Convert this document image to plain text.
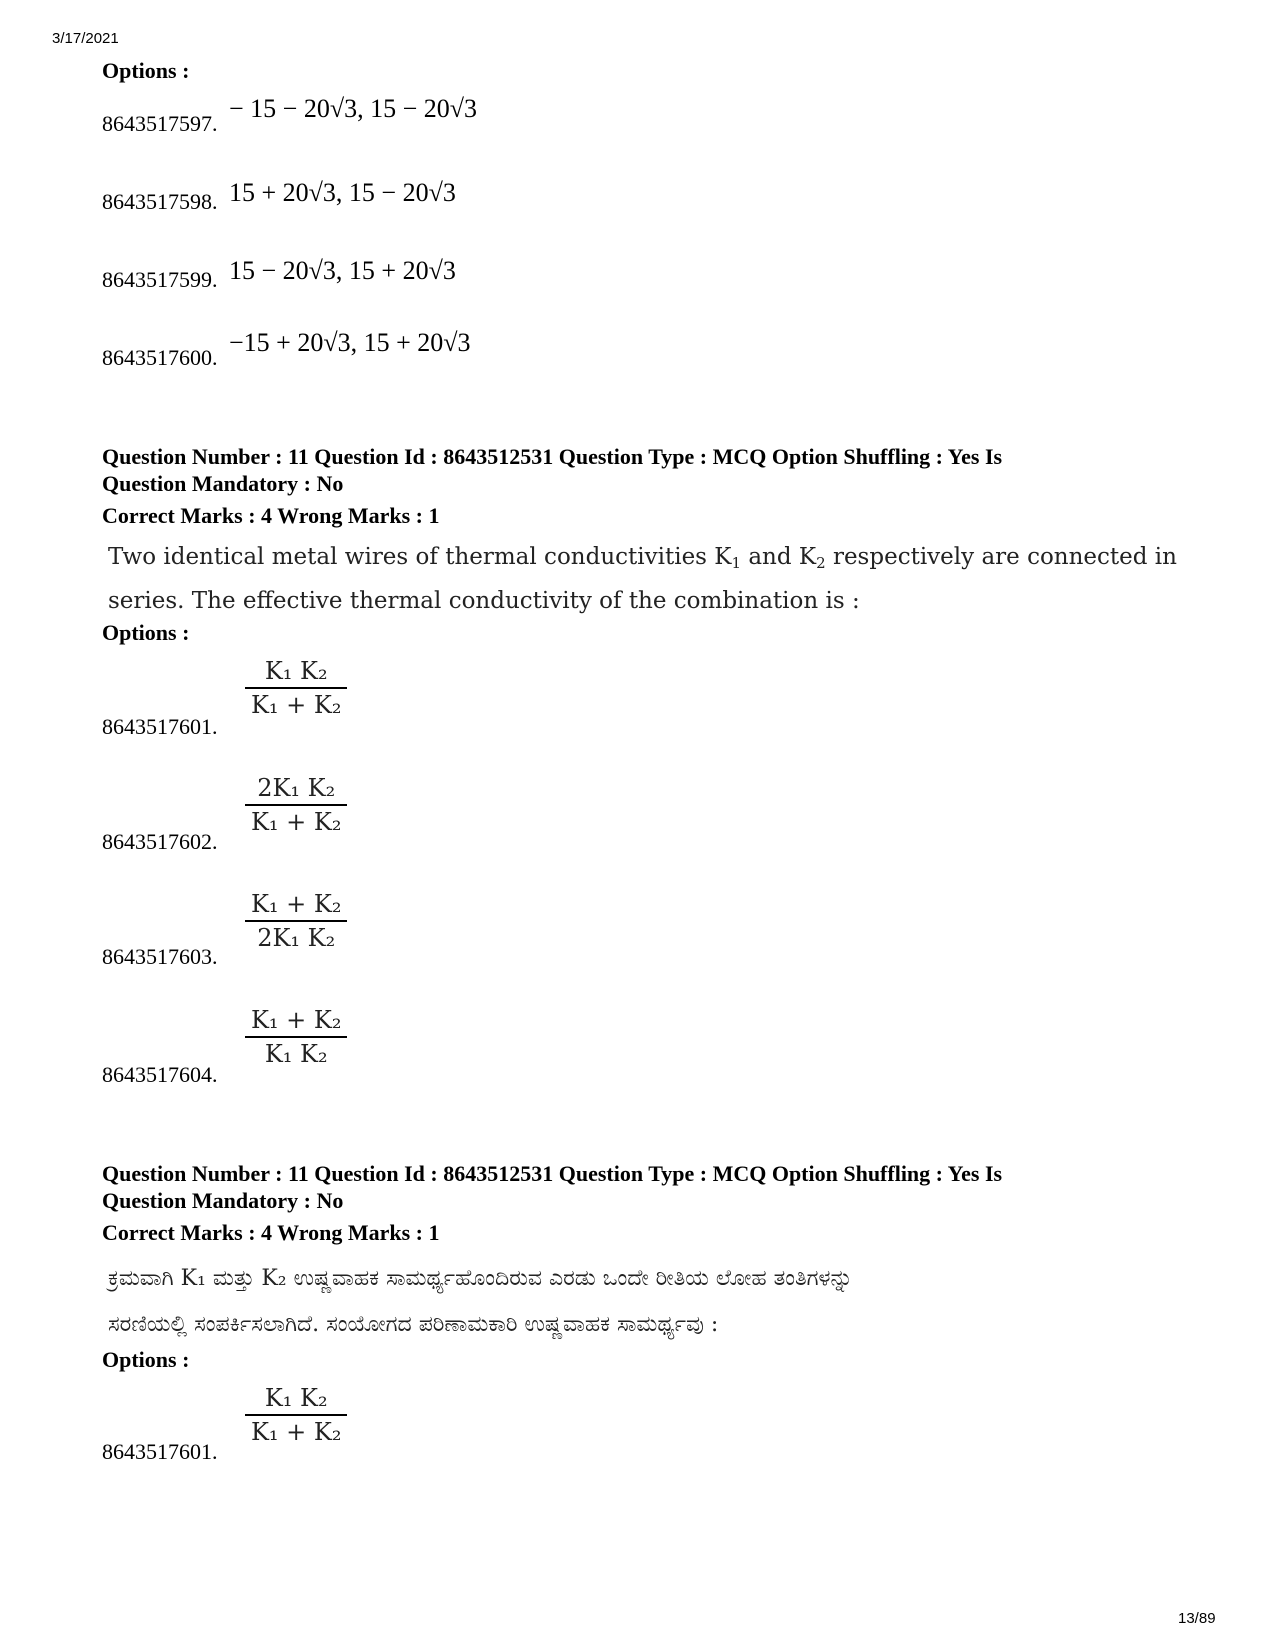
3/17/2021
Options :
8643517597. − 15 − 20√3, 15 − 20√3
8643517598. 15 + 20√3, 15 − 20√3
8643517599. 15 − 20√3, 15 + 20√3
8643517600. −15 + 20√3, 15 + 20√3
Question Number : 11 Question Id : 8643512531 Question Type : MCQ Option Shuffling : Yes Is
Question Mandatory : No
Correct Marks : 4 Wrong Marks : 1
Two identical metal wires of thermal conductivities $K_1$ and $K_2$ respectively are connected in
series. The effective thermal conductivity of the combination is :
Options :
$\frac{\text{K₁ K₂}}{\text{K₁ + K₂}}$
8643517601.
$\frac{\text{2K₁ K₂}}{\text{K₁ + K₂}}$
8643517602.
$\frac{\text{K₁ + K₂}}{\text{2K₁ K₂}}$
8643517603.
$\frac{\text{K₁ + K₂}}{\text{K₁ K₂}}$
8643517604.
Question Number : 11 Question Id : 8643512531 Question Type : MCQ Option Shuffling : Yes Is
Question Mandatory : No
Correct Marks : 4 Wrong Marks : 1
ಕ್ರಮವಾಗಿ K₁ ಮತ್ತು K₂ ಉಷ್ಣವಾಹಕ ಸಾಮರ್ಥ್ಯಹೊಂದಿರುವ ಎರಡು ಒಂದೇ ರೀತಿಯ ಲೋಹ ತಂತಿಗಳನ್ನು
ಸರಣಿಯಲ್ಲಿ ಸಂಪರ್ಕಿಸಲಾಗಿದೆ. ಸಂಯೋಗದ ಪರಿಣಾಮಕಾರಿ ಉಷ್ಣವಾಹಕ ಸಾಮರ್ಥ್ಯವು :
Options :
$\frac{\text{K₁ K₂}}{\text{K₁ + K₂}}$
8643517601.
13/89
